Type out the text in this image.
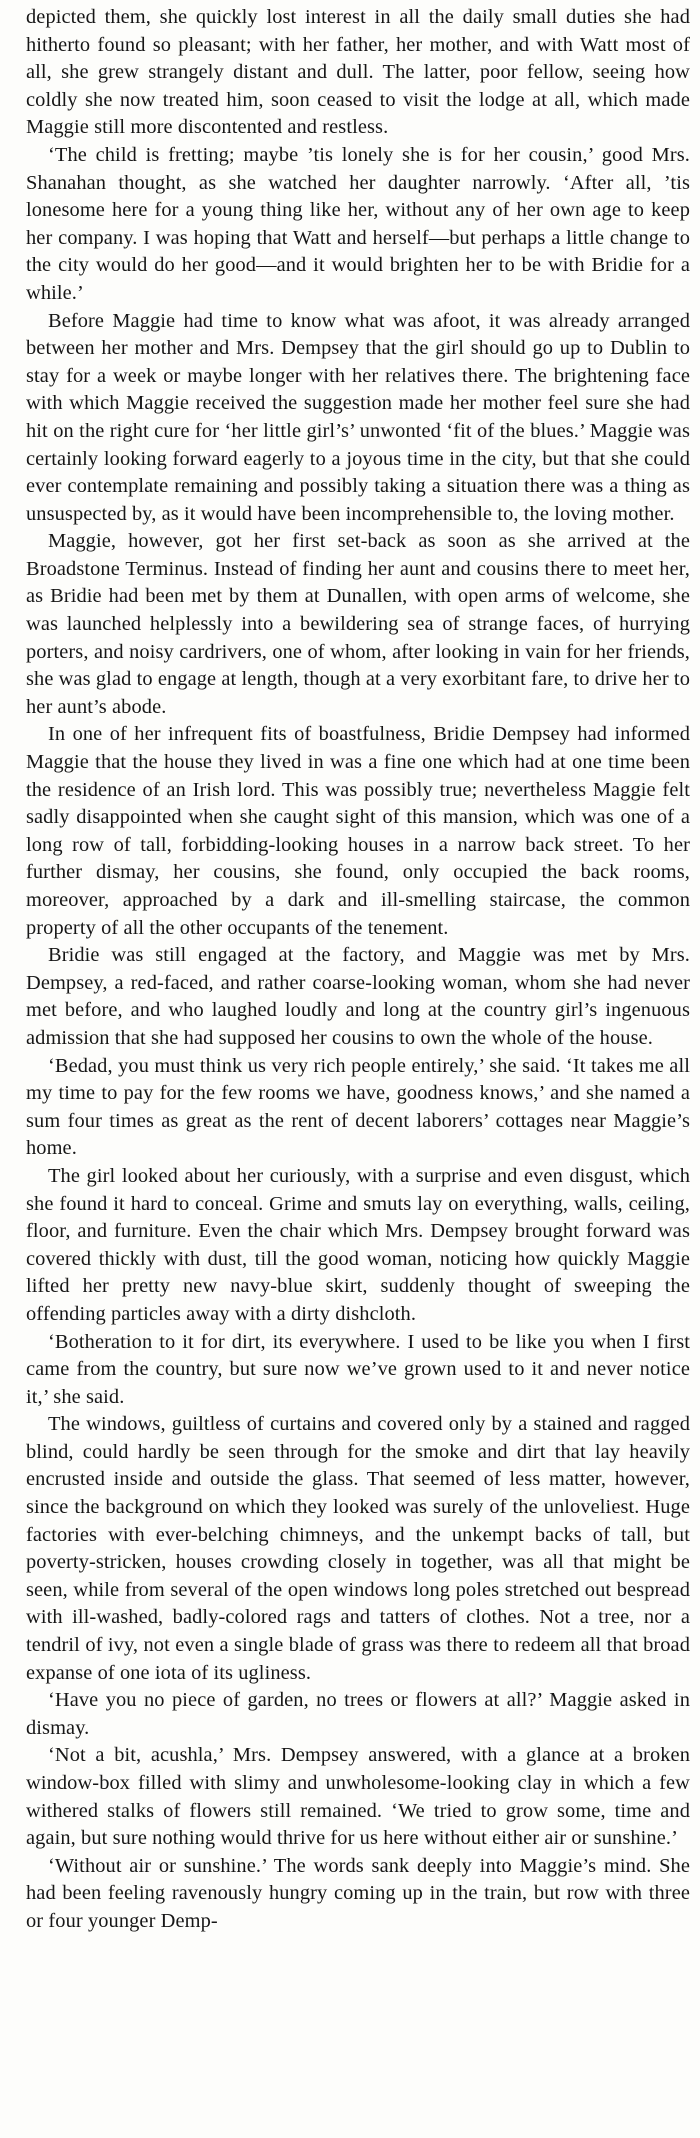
depicted them, she quickly lost interest in all the daily small duties she had hitherto found so pleasant; with her father, her mother, and with Watt most of all, she grew strangely distant and dull. The latter, poor fellow, seeing how coldly she now treated him, soon ceased to visit the lodge at all, which made Maggie still more discontented and restless.

‘The child is fretting; maybe ’tis lonely she is for her cousin,’ good Mrs. Shanahan thought, as she watched her daughter narrowly. ‘After all, ’tis lonesome here for a young thing like her, without any of her own age to keep her company. I was hoping that Watt and herself—but perhaps a little change to the city would do her good—and it would brighten her to be with Bridie for a while.’

Before Maggie had time to know what was afoot, it was already arranged between her mother and Mrs. Dempsey that the girl should go up to Dublin to stay for a week or maybe longer with her relatives there. The brightening face with which Maggie received the suggestion made her mother feel sure she had hit on the right cure for ‘her little girl’s’ unwonted ‘fit of the blues.’ Maggie was certainly looking forward eagerly to a joyous time in the city, but that she could ever contemplate remaining and possibly taking a situation there was a thing as unsuspected by, as it would have been incomprehensible to, the loving mother.

Maggie, however, got her first set-back as soon as she arrived at the Broadstone Terminus. Instead of finding her aunt and cousins there to meet her, as Bridie had been met by them at Dunallen, with open arms of welcome, she was launched helplessly into a bewildering sea of strange faces, of hurrying porters, and noisy cardrivers, one of whom, after looking in vain for her friends, she was glad to engage at length, though at a very exorbitant fare, to drive her to her aunt’s abode.

In one of her infrequent fits of boastfulness, Bridie Dempsey had informed Maggie that the house they lived in was a fine one which had at one time been the residence of an Irish lord. This was possibly true; nevertheless Maggie felt sadly disappointed when she caught sight of this mansion, which was one of a long row of tall, forbidding-looking houses in a narrow back street. To her further dismay, her cousins, she found, only occupied the back rooms, moreover, approached by a dark and ill-smelling staircase, the common property of all the other occupants of the tenement.

Bridie was still engaged at the factory, and Maggie was met by Mrs. Dempsey, a red-faced, and rather coarse-looking woman, whom she had never met before, and who laughed loudly and long at the country girl’s ingenuous admission that she had supposed her cousins to own the whole of the house.

‘Bedad, you must think us very rich people entirely,’ she said. ‘It takes me all my time to pay for the few rooms we have, goodness knows,’ and she named a sum four times as great as the rent of decent laborers’ cottages near Maggie’s home.

The girl looked about her curiously, with a surprise and even disgust, which she found it hard to conceal. Grime and smuts lay on everything, walls, ceiling, floor, and furniture. Even the chair which Mrs. Dempsey brought forward was covered thickly with dust, till the good woman, noticing how quickly Maggie lifted her pretty new navy-blue skirt, suddenly thought of sweeping the offending particles away with a dirty dishcloth.

‘Botheration to it for dirt, its everywhere. I used to be like you when I first came from the country, but sure now we’ve grown used to it and never notice it,’ she said.

The windows, guiltless of curtains and covered only by a stained and ragged blind, could hardly be seen through for the smoke and dirt that lay heavily encrusted inside and outside the glass. That seemed of less matter, however, since the background on which they looked was surely of the unloveliest. Huge factories with ever-belching chimneys, and the unkempt backs of tall, but poverty-stricken, houses crowding closely in together, was all that might be seen, while from several of the open windows long poles stretched out bespread with ill-washed, badly-colored rags and tatters of clothes. Not a tree, nor a tendril of ivy, not even a single blade of grass was there to redeem all that broad expanse of one iota of its ugliness.

‘Have you no piece of garden, no trees or flowers at all?’ Maggie asked in dismay.

‘Not a bit, acushla,’ Mrs. Dempsey answered, with a glance at a broken window-box filled with slimy and unwholesome-looking clay in which a few withered stalks of flowers still remained. ‘We tried to grow some, time and again, but sure nothing would thrive for us here without either air or sunshine.’

‘Without air or sunshine.’ The words sank deeply into Maggie’s mind. She had been feeling ravenously hungry coming up in the train, but row with three or four younger Demp-
